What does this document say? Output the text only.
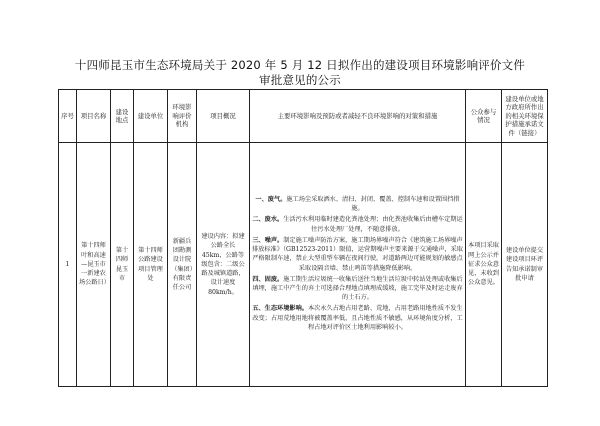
十四师昆玉市生态环境局关于 2020 年 5 月 12 日拟作出的建设项目环境影响评价文件
审批意见的公示
序号	项目名称	建设地点	建设单位	环境影响评价机构	项目概况	主要环境影响及预防或者减轻不良环境影响的对策和措施	公众参与情况	建设单位或地方政府所作出的相关环境保护措施承诺文件（链接）
1	第十四师叶和高速—昆玉市一新建农场公路日）	第十四师昆玉市	第十四师公路建设项目管理处	新疆兵团勘测设计院（集团）有限责任公司	建设内容：拟建公路全长 45km，公路等级包含：二级公路及城镇道路，设计速度 80km/h。	一、废气。施工场尘采取洒水、清扫、封闭、覆盖、控制车速和设置围挡措施。

二、废水。生活污水利用临时建造化粪池处理；由化粪池收集后由槽车定期运往污水处理厂处理，不随意排放。

三、噪声。制定施工噪声防治方案，施工期场界噪声符合《建筑施工场界噪声排放标准》（GB12523-2011）限值，运营期噪声主要来源于交通噪声，采取严格限制车速，禁止大型重型车辆在夜间行驶，对道路两边可能规划的敏感点采取设隔音墙、禁止鸣笛等措施降低影响。

四、固废。施工期生活垃圾统一收集后送往当地生活垃圾中转站处理或收集后填埋，施工中产生的弃土可选择合理地点填埋成缓坡，施工完毕及时运走废弃的土石方。

五、生态环境影响。本次永久占地占用老路、荒地，占用老路用地性质不发生改变；占用荒地用地将被覆盖率低，且占地性质不敏感，从环境角度分析，工程占地对评价区土地利用影响较小。	本项目采取网上公示并征求公众意见，未收到公众意见。	建设单位提交建设项目环评告知承诺制审批申请
